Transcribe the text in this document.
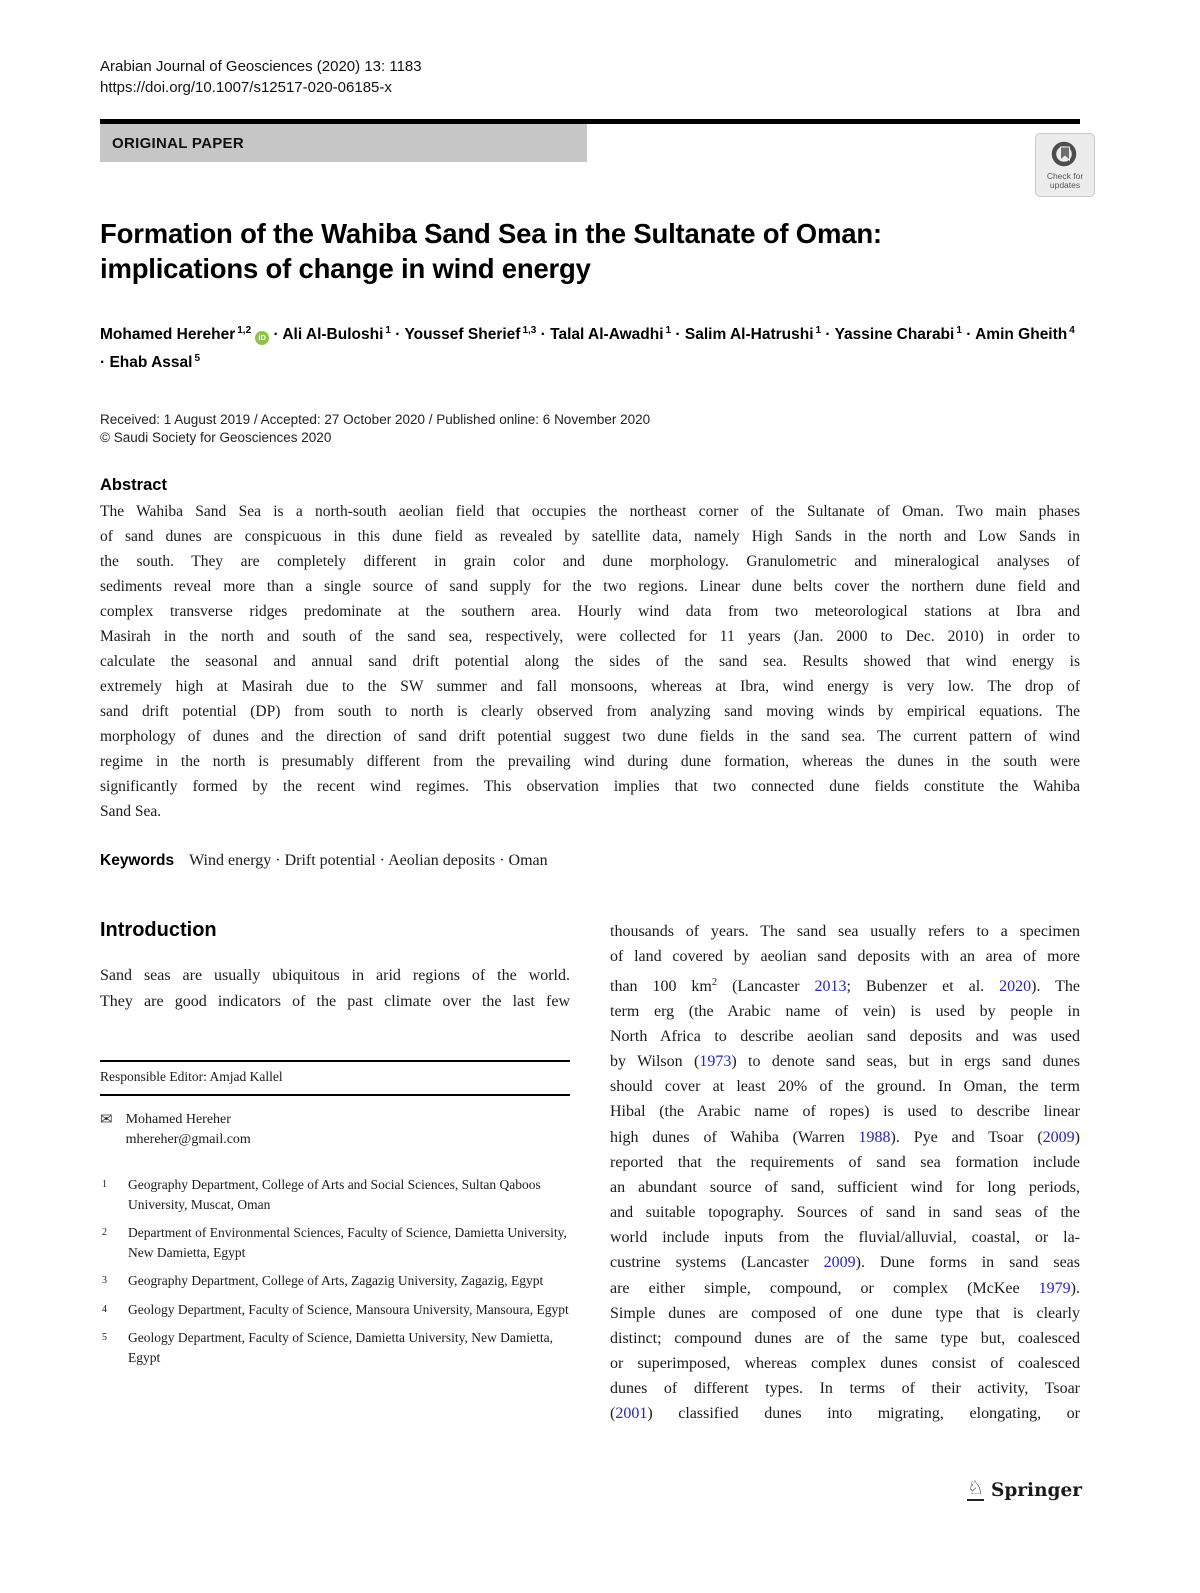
Arabian Journal of Geosciences (2020) 13: 1183
https://doi.org/10.1007/s12517-020-06185-x
ORIGINAL PAPER
Check for
updates
Formation of the Wahiba Sand Sea in the Sultanate of Oman:
implications of change in wind energy
Mohamed Hereher $^{1,2}$iD · Ali Al-Buloshi $^1$ · Youssef Sherief $^{1,3}$ · Talal Al-Awadhi $^1$ · Salim Al-Hatrushi $^1$ · Yassine Charabi $^1$ · Amin Gheith $^4$ · Ehab Assal $^5$
Received: 1 August 2019 / Accepted: 27 October 2020 / Published online: 6 November 2020
© Saudi Society for Geosciences 2020
Abstract
The Wahiba Sand Sea is a north-south aeolian field that occupies the northeast corner of the Sultanate of Oman. Two main phases
of sand dunes are conspicuous in this dune field as revealed by satellite data, namely High Sands in the north and Low Sands in
the south. They are completely different in grain color and dune morphology. Granulometric and mineralogical analyses of
sediments reveal more than a single source of sand supply for the two regions. Linear dune belts cover the northern dune field and
complex transverse ridges predominate at the southern area. Hourly wind data from two meteorological stations at Ibra and
Masirah in the north and south of the sand sea, respectively, were collected for 11 years (Jan. 2000 to Dec. 2010) in order to
calculate the seasonal and annual sand drift potential along the sides of the sand sea. Results showed that wind energy is
extremely high at Masirah due to the SW summer and fall monsoons, whereas at Ibra, wind energy is very low. The drop of
sand drift potential (DP) from south to north is clearly observed from analyzing sand moving winds by empirical equations. The
morphology of dunes and the direction of sand drift potential suggest two dune fields in the sand sea. The current pattern of wind
regime in the north is presumably different from the prevailing wind during dune formation, whereas the dunes in the south were
significantly formed by the recent wind regimes. This observation implies that two connected dune fields constitute the Wahiba
Sand Sea.
Keywords Wind energy · Drift potential · Aeolian deposits · Oman
Introduction
Sand seas are usually ubiquitous in arid regions of the world.
They are good indicators of the past climate over the last few
Responsible Editor: Amjad Kallel
✉ Mohamed Hereher
mhereher@gmail.com
1	Geography Department, College of Arts and Social Sciences, Sultan Qaboos University, Muscat, Oman
2	Department of Environmental Sciences, Faculty of Science, Damietta University, New Damietta, Egypt
3	Geography Department, College of Arts, Zagazig University, Zagazig, Egypt
4	Geology Department, Faculty of Science, Mansoura University, Mansoura, Egypt
5	Geology Department, Faculty of Science, Damietta University, New Damietta, Egypt
thousands of years. The sand sea usually refers to a specimen
of land covered by aeolian sand deposits with an area of more
than 100 $km^2$ (Lancaster 2013; Bubenzer et al. 2020). The
term erg (the Arabic name of vein) is used by people in
North Africa to describe aeolian sand deposits and was used
by Wilson (1973) to denote sand seas, but in ergs sand dunes
should cover at least 20% of the ground. In Oman, the term
Hibal (the Arabic name of ropes) is used to describe linear
high dunes of Wahiba (Warren 1988). Pye and Tsoar (2009)
reported that the requirements of sand sea formation include
an abundant source of sand, sufficient wind for long periods,
and suitable topography. Sources of sand in sand seas of the
world include inputs from the fluvial/alluvial, coastal, or la-
custrine systems (Lancaster 2009). Dune forms in sand seas
are either simple, compound, or complex (McKee 1979).
Simple dunes are composed of one dune type that is clearly
distinct; compound dunes are of the same type but, coalesced
or superimposed, whereas complex dunes consist of coalesced
dunes of different types. In terms of their activity, Tsoar
(2001) classified dunes into migrating, elongating, or
♘ Springer
